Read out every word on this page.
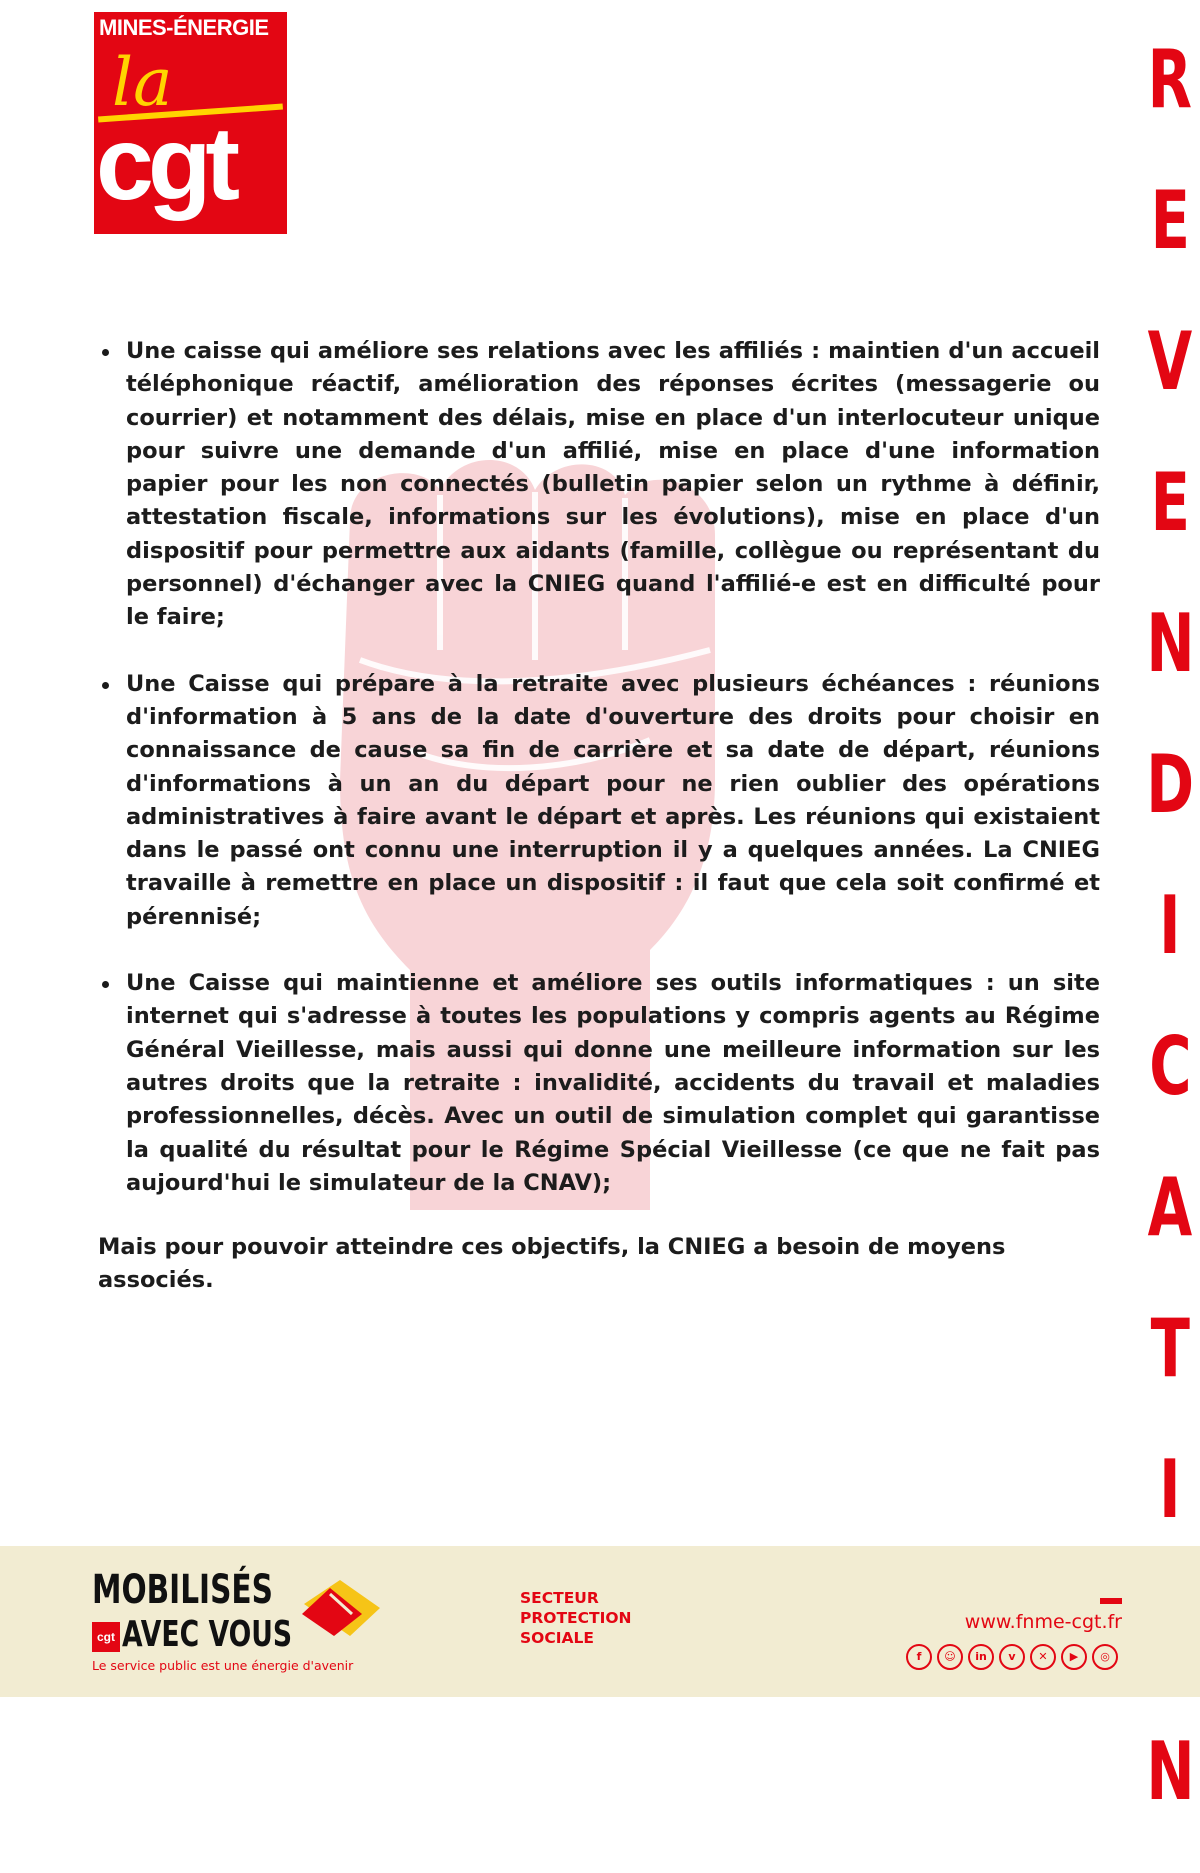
MINES-ÉNERGIE
la
cgt
R
E
V
E
N
D
I
C
A
T
I
N

Une caisse qui améliore ses relations avec les affiliés : maintien d'un accueil téléphonique réactif, amélioration des réponses écrites (messagerie ou courrier) et notamment des délais, mise en place d'un interlocuteur unique pour suivre une demande d'un affilié, mise en place d'une information papier pour les non connectés (bulletin papier selon un rythme à définir, attestation fiscale, informations sur les évolutions), mise en place d'un dispositif pour permettre aux aidants (famille, collègue ou représentant du personnel) d'échanger avec la CNIEG quand l'affilié-e est en difficulté pour le faire;

Une Caisse qui prépare à la retraite avec plusieurs échéances : réunions d'information à 5 ans de la date d'ouverture des droits pour choisir en connaissance de cause sa fin de carrière et sa date de départ, réunions d'informations à un an du départ pour ne rien oublier des opérations administratives à faire avant le départ et après. Les réunions qui existaient dans le passé ont connu une interruption il y a quelques années. La CNIEG travaille à remettre en place un dispositif : il faut que cela soit confirmé et pérennisé;

Une Caisse qui maintienne et améliore ses outils informatiques : un site internet qui s'adresse à toutes les populations y compris agents au Régime Général Vieillesse, mais aussi qui donne une meilleure information sur les autres droits que la retraite : invalidité, accidents du travail et maladies professionnelles, décès. Avec un outil de simulation complet qui garantisse la qualité du résultat pour le Régime Spécial Vieillesse (ce que ne fait pas aujourd'hui le simulateur de la CNAV);

Mais pour pouvoir atteindre ces objectifs, la CNIEG a besoin de moyens associés.

MOBILISÉS
cgt AVEC VOUS
Le service public est une énergie d'avenir
SECTEUR
PROTECTION
SOCIALE
www.fnme-cgt.fr
f	☺	in	v	✕	▶	◎
